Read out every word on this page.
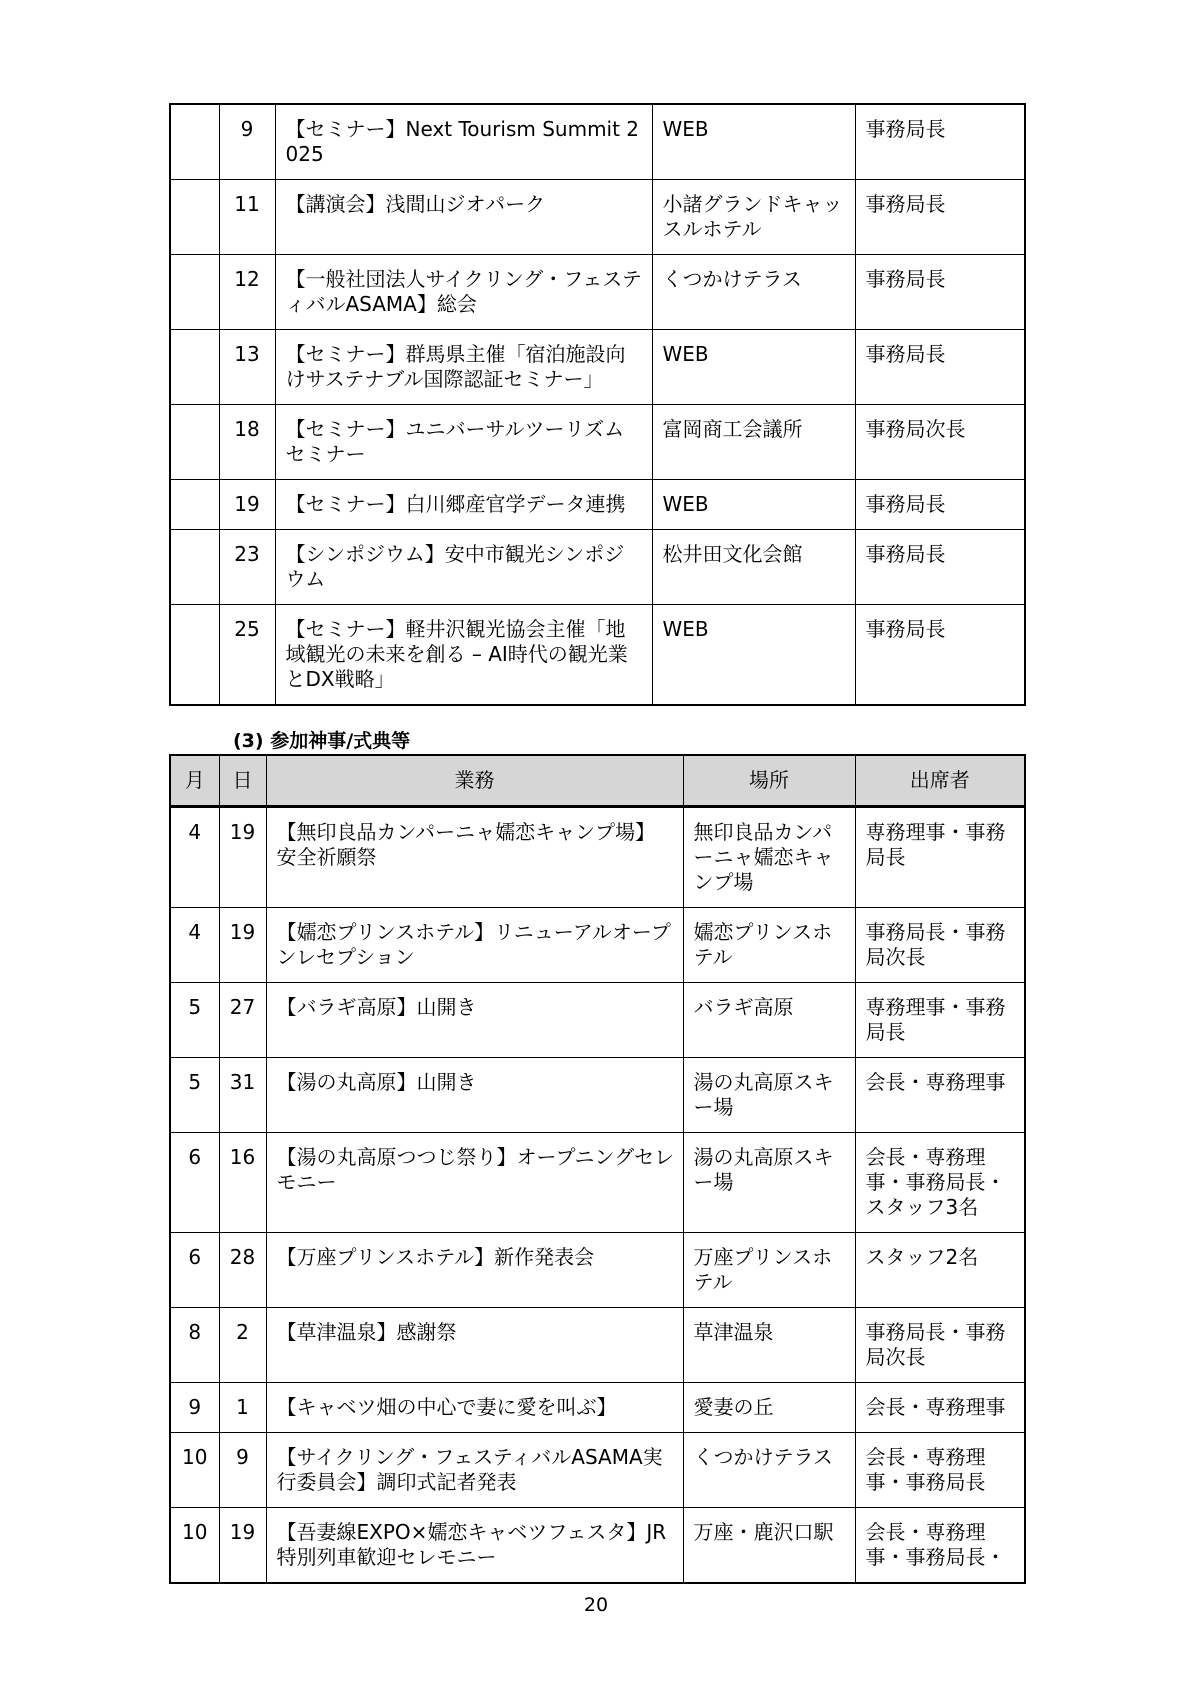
	9	【セミナー】Next Tourism Summit 2025	WEB	事務局長
	11	【講演会】浅間山ジオパーク	小諸グランドキャッスルホテル	事務局長
	12	【一般社団法人サイクリング・フェスティバルASAMA】総会	くつかけテラス	事務局長
	13	【セミナー】群馬県主催「宿泊施設向けサステナブル国際認証セミナー」	WEB	事務局長
	18	【セミナー】ユニバーサルツーリズムセミナー	富岡商工会議所	事務局次長
	19	【セミナー】白川郷産官学データ連携	WEB	事務局長
	23	【シンポジウム】安中市観光シンポジウム	松井田文化会館	事務局長
	25	【セミナー】軽井沢観光協会主催「地域観光の未来を創る – AI時代の観光業とDX戦略」	WEB	事務局長
(3) 参加神事/式典等
月	日	業務	場所	出席者
4	19	【無印良品カンパーニャ嬬恋キャンプ場】安全祈願祭	無印良品カンパーニャ嬬恋キャンプ場	専務理事・事務局長
4	19	【嬬恋プリンスホテル】リニューアルオープンレセプション	嬬恋プリンスホテル	事務局長・事務局次長
5	27	【バラギ高原】山開き	バラギ高原	専務理事・事務局長
5	31	【湯の丸高原】山開き	湯の丸高原スキー場	会長・専務理事
6	16	【湯の丸高原つつじ祭り】オープニングセレモニー	湯の丸高原スキー場	会長・専務理事・事務局長・スタッフ3名
6	28	【万座プリンスホテル】新作発表会	万座プリンスホテル	スタッフ2名
8	2	【草津温泉】感謝祭	草津温泉	事務局長・事務局次長
9	1	【キャベツ畑の中心で妻に愛を叫ぶ】	愛妻の丘	会長・専務理事
10	9	【サイクリング・フェスティバルASAMA実行委員会】調印式記者発表	くつかけテラス	会長・専務理事・事務局長
10	19	【吾妻線EXPO×嬬恋キャベツフェスタ】JR特別列車歓迎セレモニー	万座・鹿沢口駅	会長・専務理事・事務局長・
20
